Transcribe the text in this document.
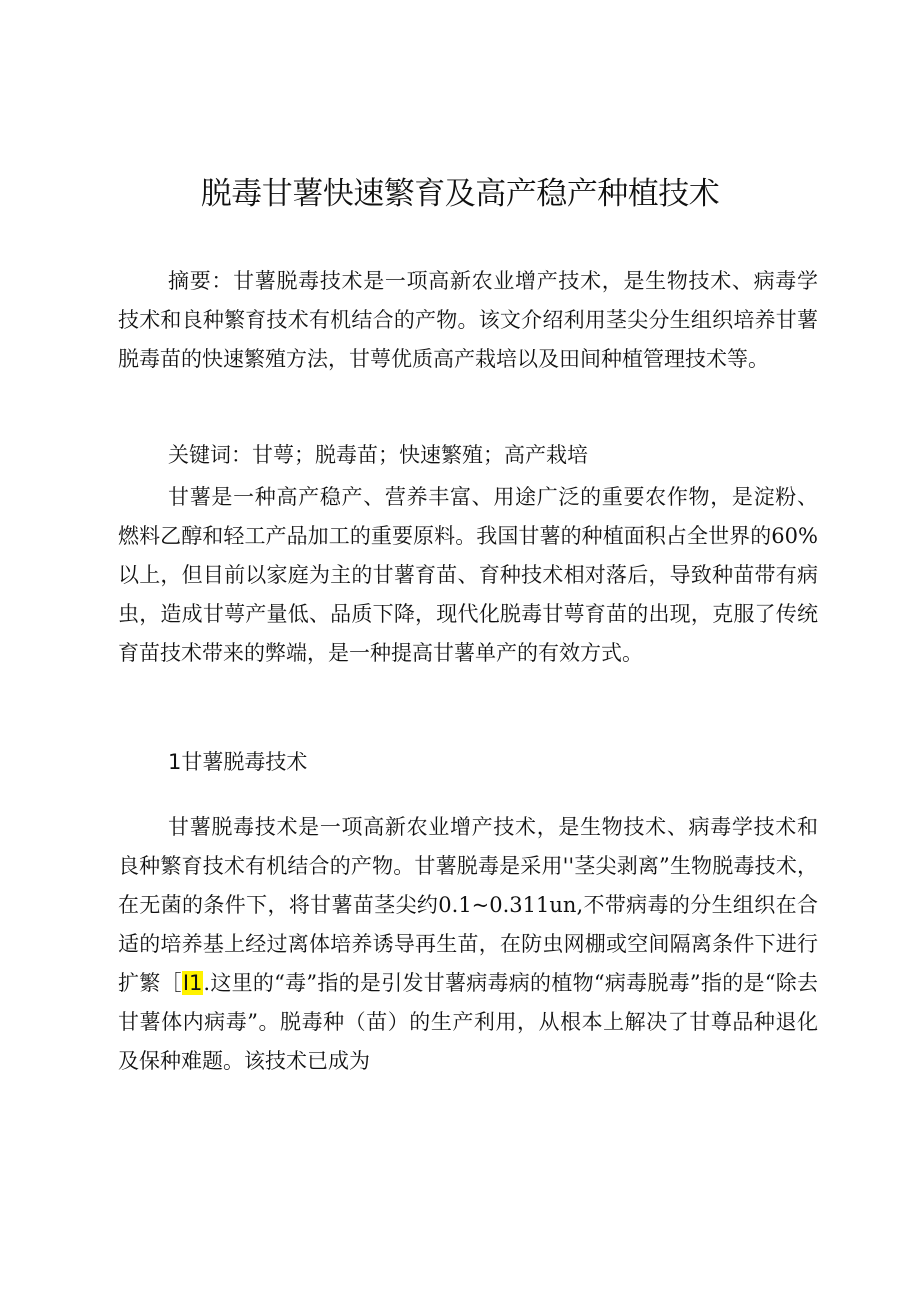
脱毒甘薯快速繁育及高产稳产种植技术

摘要：甘薯脱毒技术是一项高新农业增产技术，是生物技术、病毒学技术和良种繁育技术有机结合的产物。该文介绍利用茎尖分生组织培养甘薯脱毒苗的快速繁殖方法，甘萼优质高产栽培以及田间种植管理技术等。

关键词：甘萼；脱毒苗；快速繁殖；高产栽培

甘薯是一种高产稳产、营养丰富、用途广泛的重要农作物，是淀粉、燃料乙醇和轻工产品加工的重要原料。我国甘薯的种植面积占全世界的60%以上，但目前以家庭为主的甘薯育苗、育种技术相对落后，导致种苗带有病虫，造成甘萼产量低、品质下降，现代化脱毒甘萼育苗的出现，克服了传统育苗技术带来的弊端，是一种提高甘薯单产的有效方式。

1甘薯脱毒技术

甘薯脱毒技术是一项高新农业增产技术，是生物技术、病毒学技术和良种繁育技术有机结合的产物。甘薯脱毒是采用''茎尖剥离”生物脱毒技术，在无菌的条件下，将甘薯苗茎尖约0.1~0.311un,不带病毒的分生组织在合适的培养基上经过离体培养诱导再生苗，在防虫网棚或空间隔离条件下进行扩繁［I1.这里的“毒”指的是引发甘薯病毒病的植物“病毒脱毒”指的是“除去甘薯体内病毒”。脱毒种（苗）的生产利用，从根本上解决了甘尊品种退化及保种难题。该技术已成为
